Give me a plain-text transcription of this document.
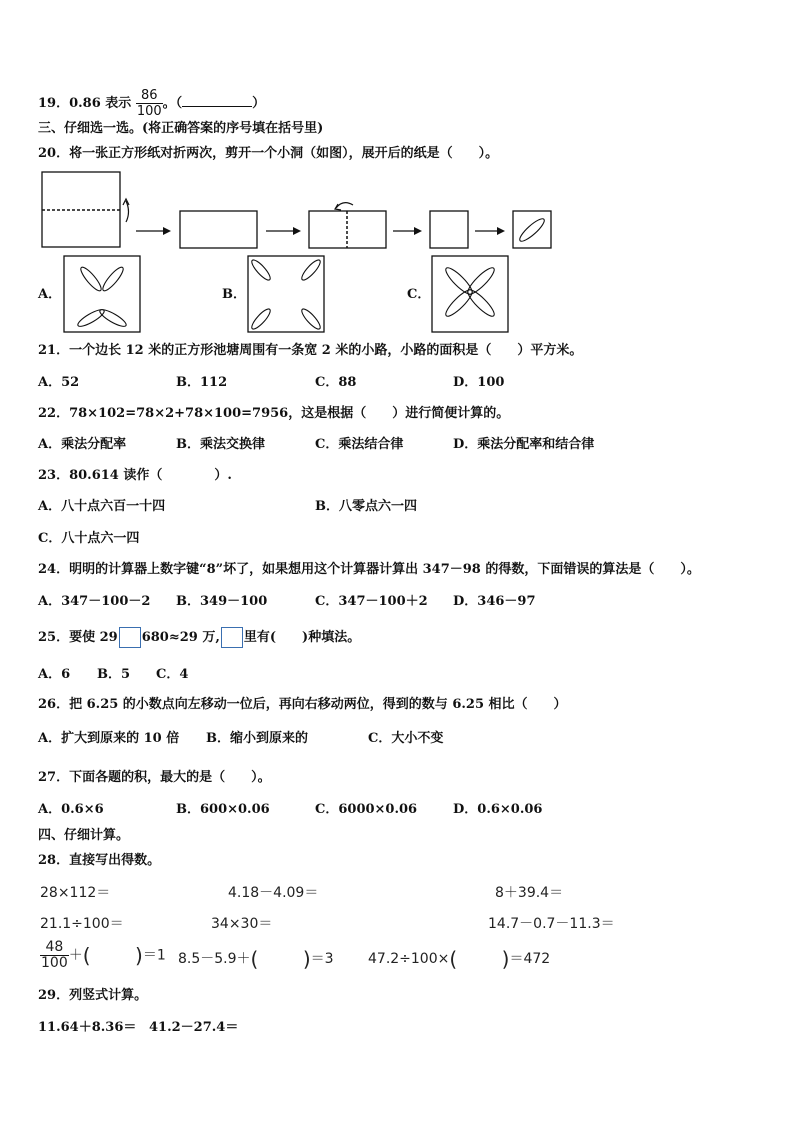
19．0.86 表示 $\frac{86}{100}$ 。（	）
三、仔细选一选。(将正确答案的序号填在括号里)
20．将一张正方形纸对折两次，剪开一个小洞（如图），展开后的纸是（　　）。
A．	B．	C．
21．一个边长 12 米的正方形池塘周围有一条宽 2 米的小路，小路的面积是（　　）平方米。
A．52	B．112	C．88	D．100
22．78×102=78×2+78×100=7956，这是根据（　　）进行简便计算的。
A．乘法分配率	B．乘法交换律	C．乘法结合律	D．乘法分配率和结合律
23．80.614 读作（　　　　）.
A．八十点六百一十四	B．八零点六一四
C．八十点六一四
24．明明的计算器上数字键“8”坏了，如果想用这个计算器计算出 347－98 的得数，下面错误的算法是（　　）。
A．347－100－2 B．349－100	C．347－100＋2 D．346－97
25．要使 29 680≈29 万, 里有(　　)种填法。
A．6 B．5 C．4
26．把 6.25 的小数点向左移动一位后，再向右移动两位，得到的数与 6.25 相比（　　）
A．扩大到原来的 10 倍 B．缩小到原来的	C．大小不变
27．下面各题的积，最大的是（　　）。
A．0.6×6	B．600×0.06	C．6000×0.06	D．0.6×0.06
四、仔细计算。
28．直接写出得数。
28×112＝	4.18－4.09＝	8＋39.4＝
21.1÷100＝	34×30＝	14.7－0.7－11.3＝
$\frac{48}{100}$ ＋(       )＝1 8.5－5.9＋(       )＝3 47.2÷100×(       )＝472
29．列竖式计算。
11.64＋8.36＝ 41.2－27.4＝
